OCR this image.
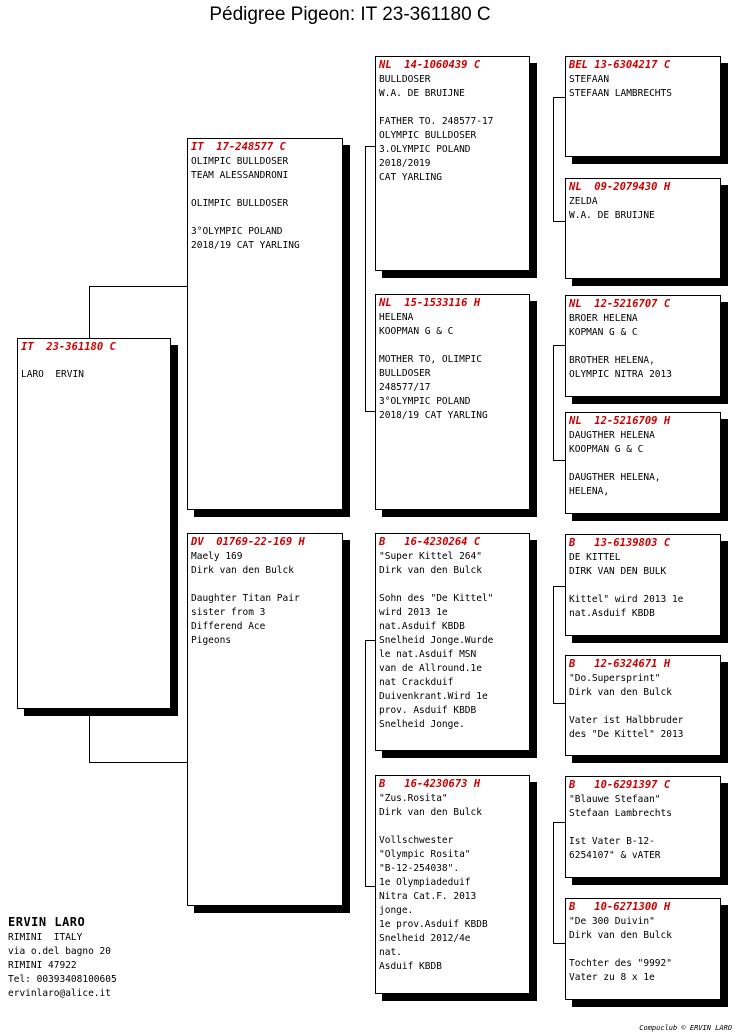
Pédigree Pigeon: IT 23-361180 C
IT  23-361180 C
LARO  ERVIN
IT  17-248577 C
OLIMPIC BULLDOSER
TEAM ALESSANDRONI

OLIMPIC BULLDOSER

3°OLYMPIC POLAND
2018/19 CAT YARLING
DV  01769-22-169 H
Maely 169
Dirk van den Bulck

Daughter Titan Pair
sister from 3
Differend Ace
Pigeons
NL  14-1060439 C
BULLDOSER
W.A. DE BRUIJNE

FATHER TO. 248577-17
OLYMPIC BULLDOSER
3.OLYMPIC POLAND
2018/2019
CAT YARLING
NL  15-1533116 H
HELENA
KOOPMAN G & C

MOTHER TO, OLIMPIC
BULLDOSER
248577/17
3°OLYMPIC POLAND
2018/19 CAT YARLING
B   16-4230264 C
"Super Kittel 264"
Dirk van den Bulck

Sohn des "De Kittel"
wird 2013 1e
nat.Asduif KBDB
Snelheid Jonge.Wurde
le nat.Asduif MSN
van de Allround.1e
nat Crackduif
Duivenkrant.Wird 1e
prov. Asduif KBDB
Snelheid Jonge.
B   16-4230673 H
"Zus.Rosita"
Dirk van den Bulck

Vollschwester
"Olympic Rosita"
"B-12-254038".
1e Olympiadeduif
Nitra Cat.F. 2013
jonge.
1e prov.Asduif KBDB
Snelheid 2012/4e
nat.
Asduif KBDB
BEL 13-6304217 C
STEFAAN
STEFAAN LAMBRECHTS
NL  09-2079430 H
ZELDA
W.A. DE BRUIJNE
NL  12-5216707 C
BROER HELENA
KOPMAN G & C

BROTHER HELENA,
OLYMPIC NITRA 2013
NL  12-5216709 H
DAUGTHER HELENA
KOOPMAN G & C

DAUGTHER HELENA,
HELENA,
B   13-6139803 C
DE KITTEL
DIRK VAN DEN BULK

Kittel" wird 2013 1e
nat.Asduif KBDB
B   12-6324671 H
"Do.Supersprint"
Dirk van den Bulck

Vater ist Halbbruder
des "De Kittel" 2013
B   10-6291397 C
"Blauwe Stefaan"
Stefaan Lambrechts

Ist Vater B-12-
6254107" & vATER
B   10-6271300 H
"De 300 Duivin"
Dirk van den Bulck

Tochter des "9992"
Vater zu 8 x 1e
ERVIN LARO
RIMINI  ITALY
via o.del bagno 20
RIMINI 47922
Tel: 00393408100605
ervinlaro@alice.it
Compuclub © ERVIN LARO
